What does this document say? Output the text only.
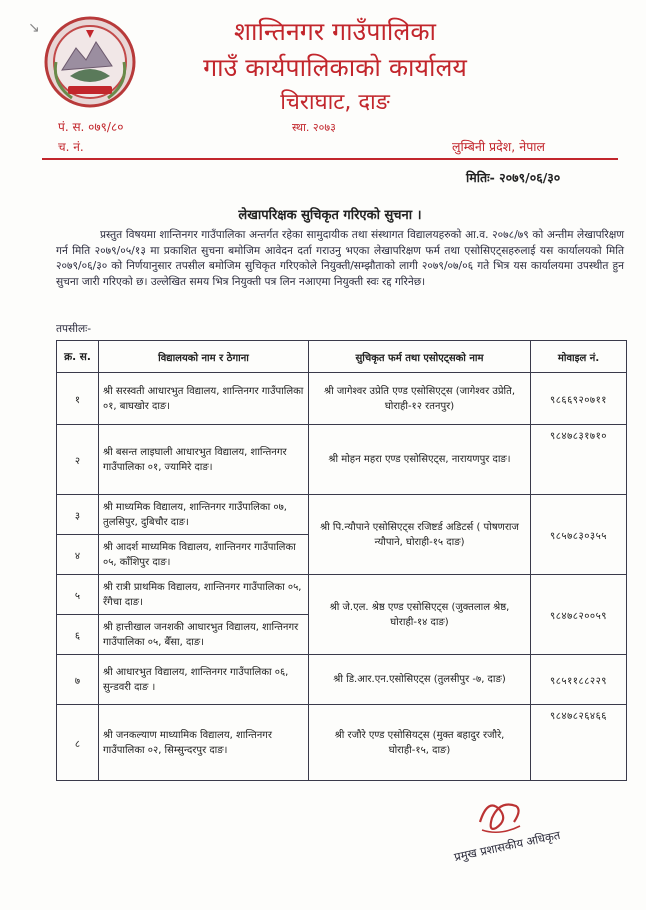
↘	शान्तिनगर गाउँपालिका
गाउँ कार्यपालिकाको कार्यालय
चिराघाट, दाङ
पं. स. ०७९/८०
च. नं.
स्था. २०७३
लुम्बिनी प्रदेश, नेपाल
मितिः- २०७९/०६/३०
लेखापरिक्षक सुचिकृत गरिएको सुचना ।
प्रस्तुत विषयमा शान्तिनगर गाउँपालिका अन्तर्गत रहेका सामुदायीक तथा संस्थागत विद्यालयहरुको आ.व. २०७८/७९ को अन्तीम लेखापरिक्षण गर्न मिति २०७९/०५/१३ मा प्रकाशित सुचना बमोजिम आवेदन दर्ता गराउनु भएका लेखापरिक्षण फर्म तथा एसोसिएट्सहरुलाई यस कार्यालयको मिति २०७९/०६/३० को निर्णयानुसार तपसील बमोजिम सुचिकृत गरिएकोले नियुक्ती/सम्झौताको लागी २०७९/०७/०६ गते भित्र यस कार्यालयमा उपस्थीत हुन सुचना जारी गरिएको छ। उल्लेखित समय भित्र नियुक्ती पत्र लिन नआएमा नियुक्ती स्वः रद्द गरिनेछ।
तपसीलः-
क्र. स.	विद्यालयको नाम र ठेगाना	सुचिकृत फर्म तथा एसोएट्सको नाम	मोवाइल नं.
१	श्री सरस्वती आधारभुत विद्यालय, शान्तिनगर गाउँपालिका ०१, बाघखोर दाङ।	श्री जागेश्वर उप्रेति एण्ड एसोसिएट्स (जागेश्वर उप्रेति, घोराही-१२ रतनपुर)	९८६६९२०७११
२	श्री बसन्त लाइघाली आधारभुत विद्यालय, शान्तिनगर गाउँपालिका ०१, ज्यामिरे दाङ।	श्री मोहन महरा एण्ड एसोसिएट्स, नारायणपुर दाङ।	९८४७८३१७१०
३	श्री माध्यमिक विद्यालय, शान्तिनगर गाउँपालिका ०७, तुलसिपुर, दुबिचौर दाङ।	श्री पि.न्यौपाने एसोसिएट्स रजिष्टर्ड अडिटर्स ( पोषणराज न्यौपाने, घोराही-१५ दाङ)	९८५७८३०३५५
४	श्री आदर्श माध्यमिक विद्यालय, शान्तिनगर गाउँपालिका ०५, काँशिपुर दाङ।		
५	श्री रात्री प्राथमिक विद्यालय, शान्तिनगर गाउँपालिका ०५, रँगैचा दाङ।	श्री जे.एल. श्रेष्ठ एण्ड एसोसिएट्स (जुक्तलाल श्रेष्ठ, घोराही-१४ दाङ)	९८४७८२००५९
६	श्री हात्तीखाल जनशकी आधारभुत विद्यालय, शान्तिनगर गाउँपालिका ०५, बैँसा, दाङ।		
७	श्री आधारभुत विद्यालय, शान्तिनगर गाउँपालिका ०६, सुन्डवरी दाङ ।	श्री डि.आर.एन.एसोसिएट्स (तुलसीपुर -७, दाङ)	९८५११८८२२९
८	श्री जनकल्याण माध्यामिक विद्यालय, शान्तिनगर गाउँपालिका ०२, सिम्सुन्दरपुर दाङ।	श्री रजौरे एण्ड एसोसियट्स (मुक्त बहादुर रजौरे, घोराही-१५, दाङ)	९८४७८२६४६६
प्रमुख प्रशासकीय अधिकृत
